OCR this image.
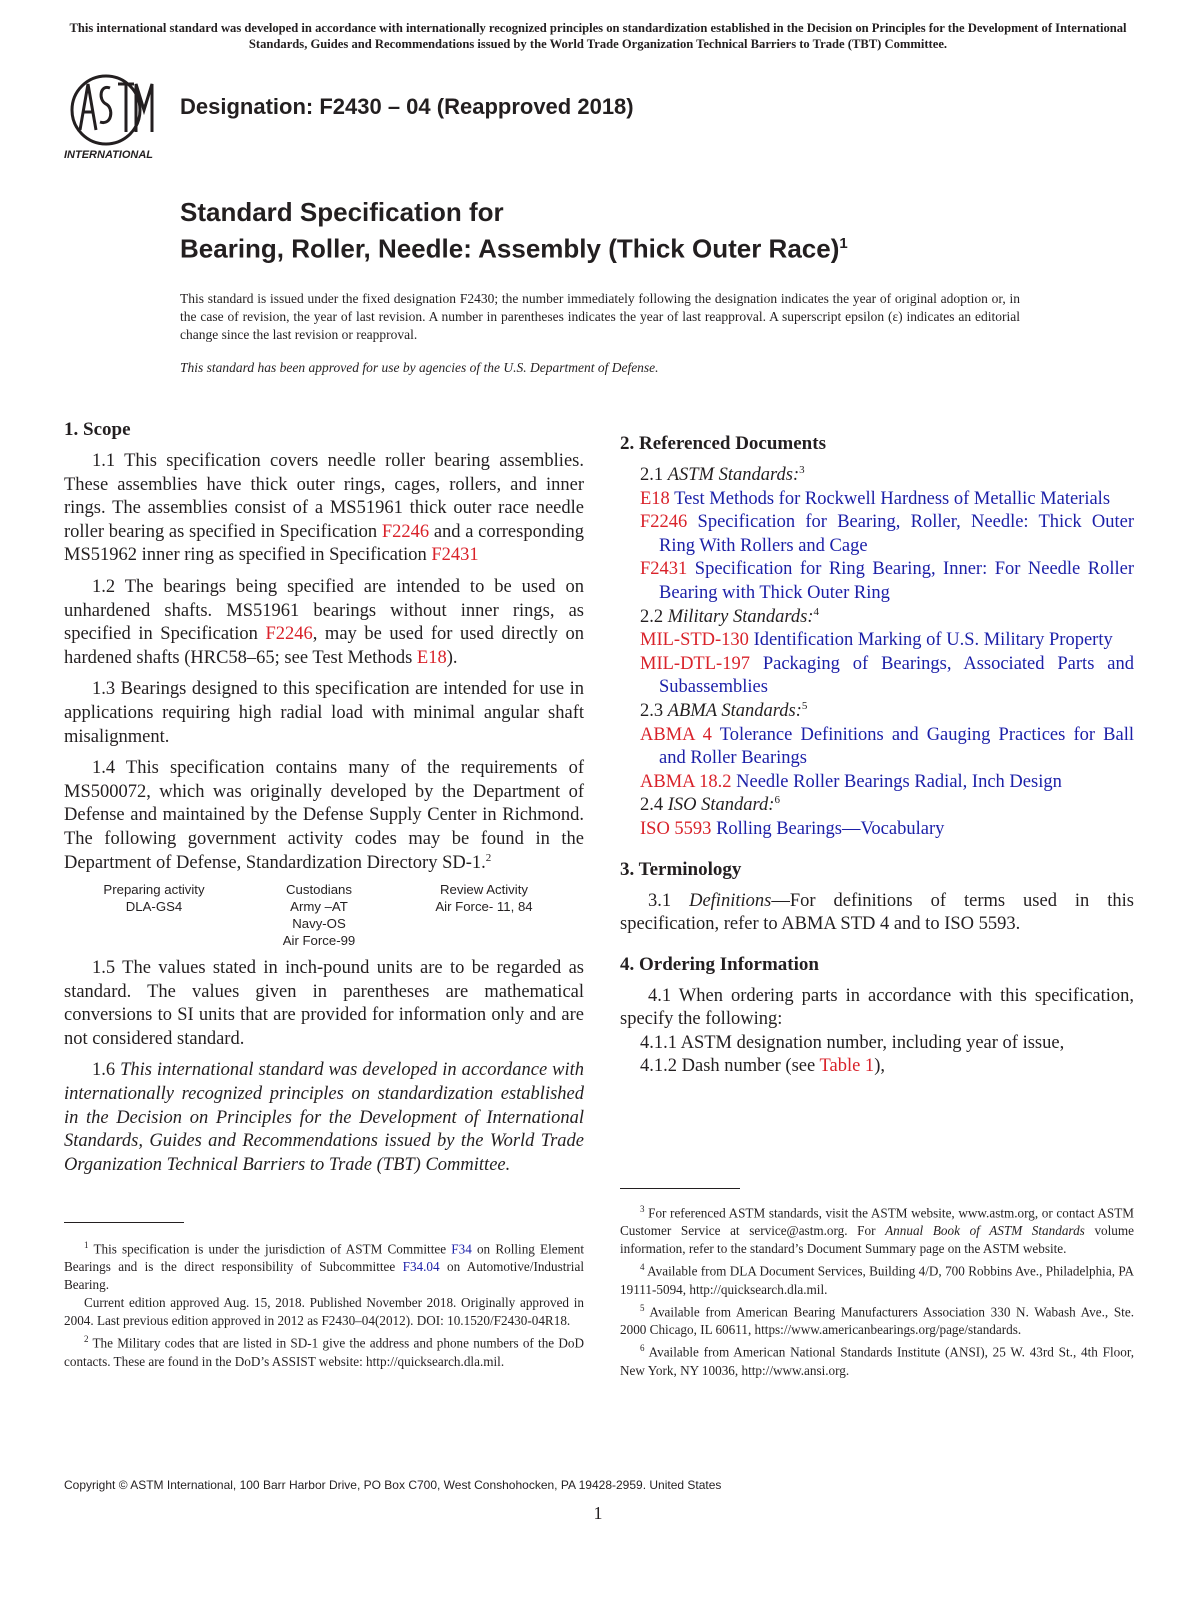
This international standard was developed in accordance with internationally recognized principles on standardization established in the Decision on Principles for the Development of International Standards, Guides and Recommendations issued by the World Trade Organization Technical Barriers to Trade (TBT) Committee.
INTERNATIONAL
Designation: F2430 – 04 (Reapproved 2018)
Standard Specification for
Bearing, Roller, Needle: Assembly (Thick Outer Race)$^1$
This standard is issued under the fixed designation F2430; the number immediately following the designation indicates the year of original adoption or, in the case of revision, the year of last revision. A number in parentheses indicates the year of last reapproval. A superscript epsilon (ε) indicates an editorial change since the last revision or reapproval.
This standard has been approved for use by agencies of the U.S. Department of Defense.
1. Scope

1.1 This specification covers needle roller bearing assemblies. These assemblies have thick outer rings, cages, rollers, and inner rings. The assemblies consist of a MS51961 thick outer race needle roller bearing as specified in Specification F2246 and a corresponding MS51962 inner ring as specified in Specification F2431

1.2 The bearings being specified are intended to be used on unhardened shafts. MS51961 bearings without inner rings, as specified in Specification F2246, may be used for used directly on hardened shafts (HRC58–65; see Test Methods E18).

1.3 Bearings designed to this specification are intended for use in applications requiring high radial load with minimal angular shaft misalignment.

1.4 This specification contains many of the requirements of MS500072, which was originally developed by the Department of Defense and maintained by the Defense Supply Center in Richmond. The following government activity codes may be found in the Department of Defense, Standardization Directory SD-1.$^2$

Preparing activity
DLA-GS4
Custodians
Army –AT
Navy-OS
Air Force-99
Review Activity
Air Force- 11, 84

1.5 The values stated in inch-pound units are to be regarded as standard. The values given in parentheses are mathematical conversions to SI units that are provided for information only and are not considered standard.

1.6 This international standard was developed in accordance with internationally recognized principles on standardization established in the Decision on Principles for the Development of International Standards, Guides and Recommendations issued by the World Trade Organization Technical Barriers to Trade (TBT) Committee.

2. Referenced Documents

2.1 ASTM Standards:$^3$

E18 Test Methods for Rockwell Hardness of Metallic Materials

F2246 Specification for Bearing, Roller, Needle: Thick Outer Ring With Rollers and Cage

F2431 Specification for Ring Bearing, Inner: For Needle Roller Bearing with Thick Outer Ring

2.2 Military Standards:$^4$

MIL-STD-130 Identification Marking of U.S. Military Property

MIL-DTL-197 Packaging of Bearings, Associated Parts and Subassemblies

2.3 ABMA Standards:$^5$

ABMA 4 Tolerance Definitions and Gauging Practices for Ball and Roller Bearings

ABMA 18.2 Needle Roller Bearings Radial, Inch Design

2.4 ISO Standard:$^6$

ISO 5593 Rolling Bearings—Vocabulary

3. Terminology

3.1 Definitions—For definitions of terms used in this specification, refer to ABMA STD 4 and to ISO 5593.

4. Ordering Information

4.1 When ordering parts in accordance with this specification, specify the following:

4.1.1 ASTM designation number, including year of issue,

4.1.2 Dash number (see Table 1),

$^1$ This specification is under the jurisdiction of ASTM Committee F34 on Rolling Element Bearings and is the direct responsibility of Subcommittee F34.04 on Automotive/Industrial Bearing.

Current edition approved Aug. 15, 2018. Published November 2018. Originally approved in 2004. Last previous edition approved in 2012 as F2430–04(2012). DOI: 10.1520/F2430-04R18.

$^2$ The Military codes that are listed in SD-1 give the address and phone numbers of the DoD contacts. These are found in the DoD’s ASSIST website: http://quicksearch.dla.mil.

$^3$ For referenced ASTM standards, visit the ASTM website, www.astm.org, or contact ASTM Customer Service at service@astm.org. For Annual Book of ASTM Standards volume information, refer to the standard’s Document Summary page on the ASTM website.

$^4$ Available from DLA Document Services, Building 4/D, 700 Robbins Ave., Philadelphia, PA 19111-5094, http://quicksearch.dla.mil.

$^5$ Available from American Bearing Manufacturers Association 330 N. Wabash Ave., Ste. 2000 Chicago, IL 60611, https://www.americanbearings.org/page/standards.

$^6$ Available from American National Standards Institute (ANSI), 25 W. 43rd St., 4th Floor, New York, NY 10036, http://www.ansi.org.

Copyright © ASTM International, 100 Barr Harbor Drive, PO Box C700, West Conshohocken, PA 19428-2959. United States
1
